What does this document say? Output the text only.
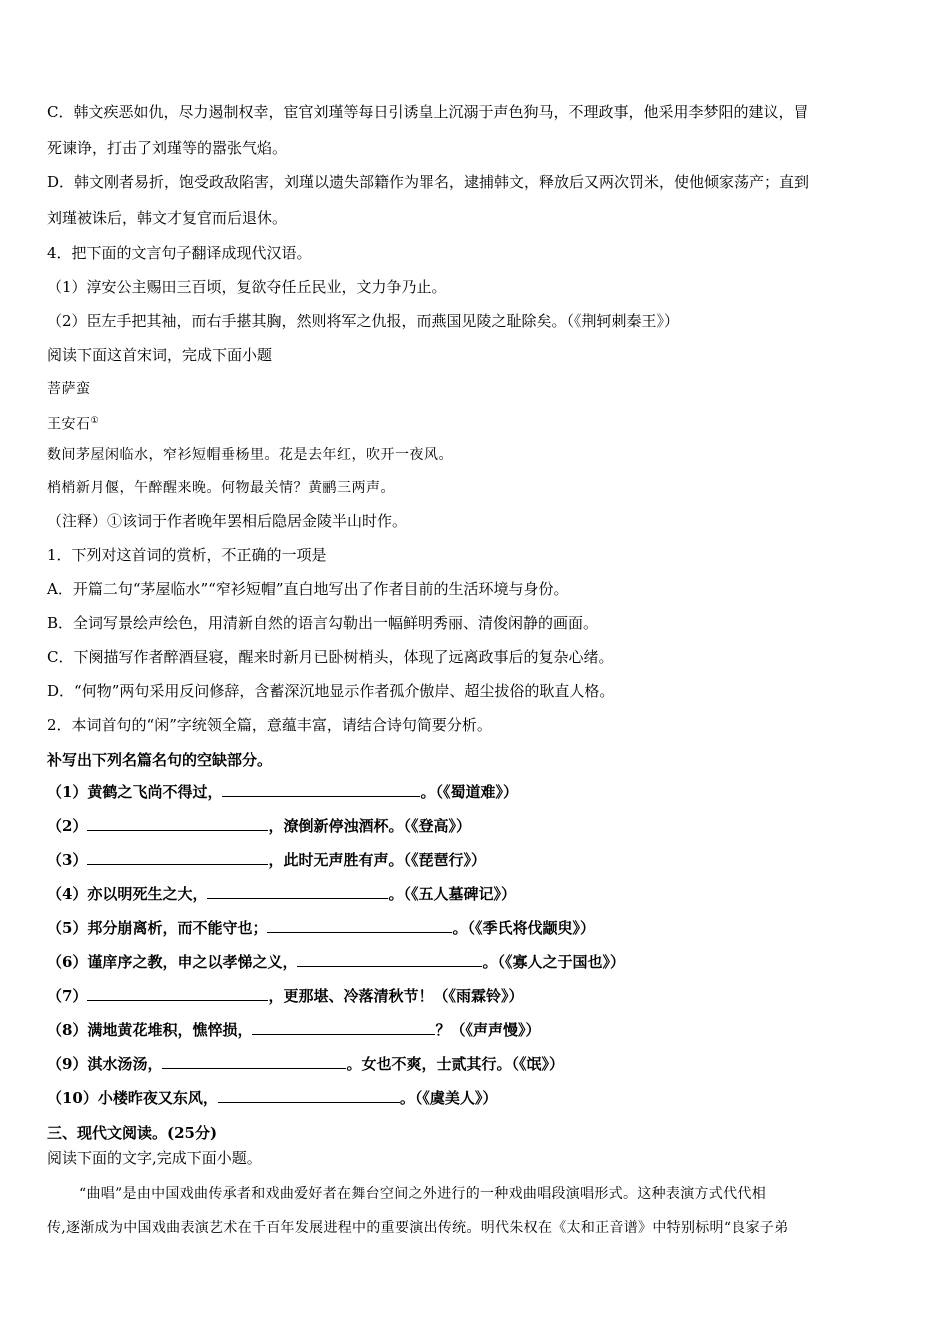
C．韩文疾恶如仇，尽力遏制权幸，宦官刘瑾等每日引诱皇上沉溺于声色狗马，不理政事，他采用李梦阳的建议，冒
死谏诤，打击了刘瑾等的嚣张气焰。
D．韩文刚者易折，饱受政敌陷害，刘瑾以遗失部籍作为罪名，逮捕韩文，释放后又两次罚米，使他倾家荡产；直到
刘瑾被诛后，韩文才复官而后退休。
4．把下面的文言句子翻译成现代汉语。
（1）淳安公主赐田三百顷，复欲夺任丘民业，文力争乃止。
（2）臣左手把其袖，而右手揕其胸，然则将军之仇报，而燕国见陵之耻除矣。（《荆轲刺秦王》）
阅读下面这首宋词，完成下面小题
菩萨蛮
王安石①
数间茅屋闲临水，窄衫短帽垂杨里。花是去年红，吹开一夜风。
梢梢新月偃，午醉醒来晚。何物最关情？黄鹂三两声。
（注释）①该词于作者晚年罢相后隐居金陵半山时作。
1．下列对这首词的赏析，不正确的一项是
A．开篇二句“茅屋临水”“窄衫短帽”直白地写出了作者目前的生活环境与身份。
B．全词写景绘声绘色，用清新自然的语言勾勒出一幅鲜明秀丽、清俊闲静的画面。
C．下阕描写作者醉酒昼寝，醒来时新月已卧树梢头，体现了远离政事后的复杂心绪。
D．“何物”两句采用反问修辞，含蓄深沉地显示作者孤介傲岸、超尘拔俗的耿直人格。
2．本词首句的“闲”字统领全篇，意蕴丰富，请结合诗句简要分析。
补写出下列名篇名句的空缺部分。
（1）黄鹤之飞尚不得过，	。（《蜀道难》）
（2）	，潦倒新停浊酒杯。（《登高》）
（3）	，此时无声胜有声。（《琵琶行》）
（4）亦以明死生之大，	。（《五人墓碑记》）
（5）邦分崩离析，而不能守也；	。（《季氏将伐颛臾》）
（6）谨庠序之教，申之以孝悌之义，	。（《寡人之于国也》）
（7）	，更那堪、冷落清秋节！（《雨霖铃》）
（8）满地黄花堆积，憔悴损，	？（《声声慢》）
（9）淇水汤汤，	。女也不爽，士贰其行。（《氓》）
（10）小楼昨夜又东风，	。（《虞美人》）
三、现代文阅读。(25分)
阅读下面的文字,完成下面小题。
“曲唱”是由中国戏曲传承者和戏曲爱好者在舞台空间之外进行的一种戏曲唱段演唱形式。这种表演方式代代相
传,逐渐成为中国戏曲表演艺术在千百年发展进程中的重要演出传统。明代朱权在《太和正音谱》中特别标明“良家子弟
